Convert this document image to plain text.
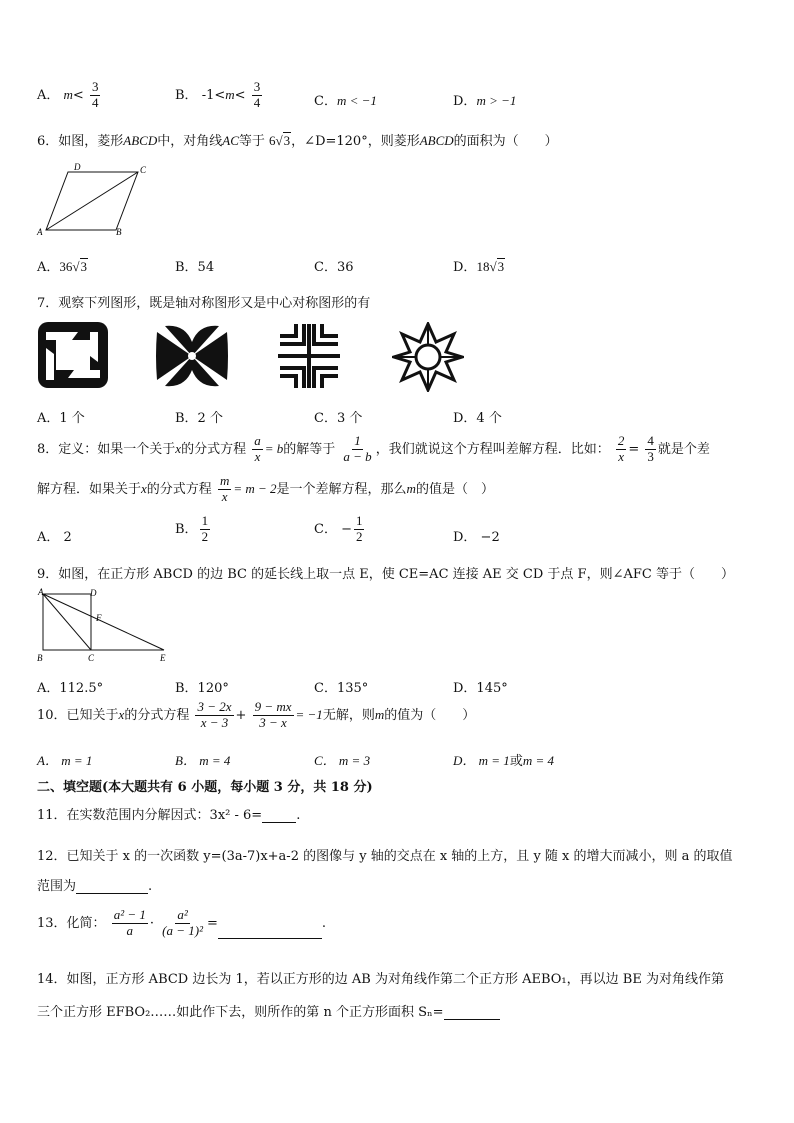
A． $m< \frac{3}{4}$	B． $-1<m< \frac{3}{4}$	C．m < −1	D．m > −1
6．如图，菱形ABCD中，对角线AC等于 6√3，∠D=120°，则菱形ABCD的面积为（　　）
D	C
A	B
A．36√3	B．54	C．36	D．18√3
7．观察下列图形，既是轴对称图形又是中心对称图形的有
A．1 个	B．2 个	C．3 个	D．4 个
8．定义：如果一个关于x的分式方程 $\frac{a}{x} = b$的解等于 $\frac{1}{a - b}$ ，我们就说这个方程叫差解方程．比如： $\frac{2}{x} = \frac{4}{3}$ 就是个差
解方程．如果关于x的分式方程 $\frac{m}{x} = m - 2$是一个差解方程，那么m的值是（　）
A． 2
B． $\frac{1}{2}$	C． − $\frac{1}{2}$	D． −2
9．如图，在正方形 ABCD 的边 BC 的延长线上取一点 E，使 CE=AC 连接 AE 交 CD 于点 F，则∠AFC 等于（　　）
A	D
F
B	C	E
A．112.5°	B．120°	C．135°	D．145°
10．已知关于x的分式方程 $\frac{3 - 2x}{x - 3} + \frac{9 - mx}{3 - x} = -1$无解，则m的值为（　　）
A． m = 1	B． m = 4	C． m = 3	D． m = 1或m = 4
二、填空题(本大题共有 6 小题，每小题 3 分，共 18 分)
11．在实数范围内分解因式：3x² - 6=	.
12．已知关于 x 的一次函数 y=(3a-7)x+a-2 的图像与 y 轴的交点在 x 轴的上方，且 y 随 x 的增大而减小，则 a 的取值
范围为	.
13．化简： $\frac{\text{a² − 1}}{a} \cdot \frac{\text{a²}}{\text{(a − 1)²}}$ =	.
14．如图，正方形 ABCD 边长为 1，若以正方形的边 AB 为对角线作第二个正方形 AEBO₁，再以边 BE 为对角线作第
三个正方形 EFBO₂……如此作下去，则所作的第 n 个正方形面积 Sₙ=
